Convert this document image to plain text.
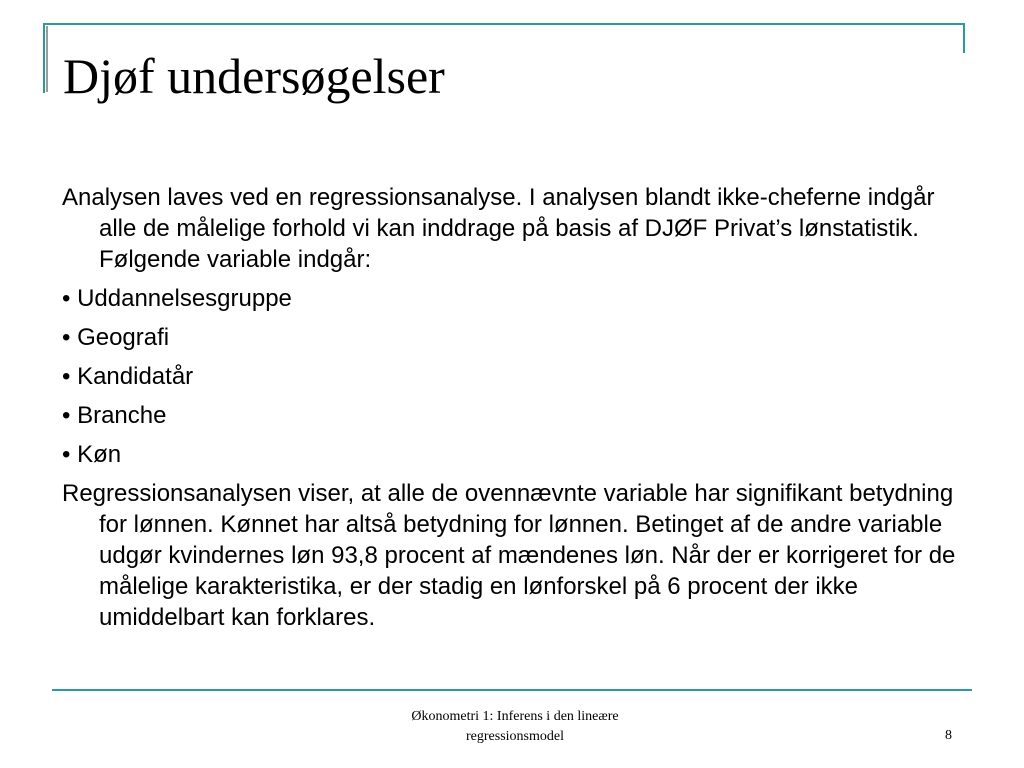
Djøf undersøgelser

Analysen laves ved en regressionsanalyse. I analysen blandt ikke-cheferne indgår alle de målelige forhold vi kan inddrage på basis af DJØF Privat’s lønstatistik. Følgende variable indgår:

• Uddannelsesgruppe

• Geografi

• Kandidatår

• Branche

• Køn

Regressionsanalysen viser, at alle de ovennævnte variable har signifikant betydning for lønnen. Kønnet har altså betydning for lønnen. Betinget af de andre variable udgør kvindernes løn 93,8 procent af mændenes løn. Når der er korrigeret for de målelige karakteristika, er der stadig en lønforskel på 6 procent der ikke umiddelbart kan forklares.

Økonometri 1: Inferens i den lineære
regressionsmodel	8
